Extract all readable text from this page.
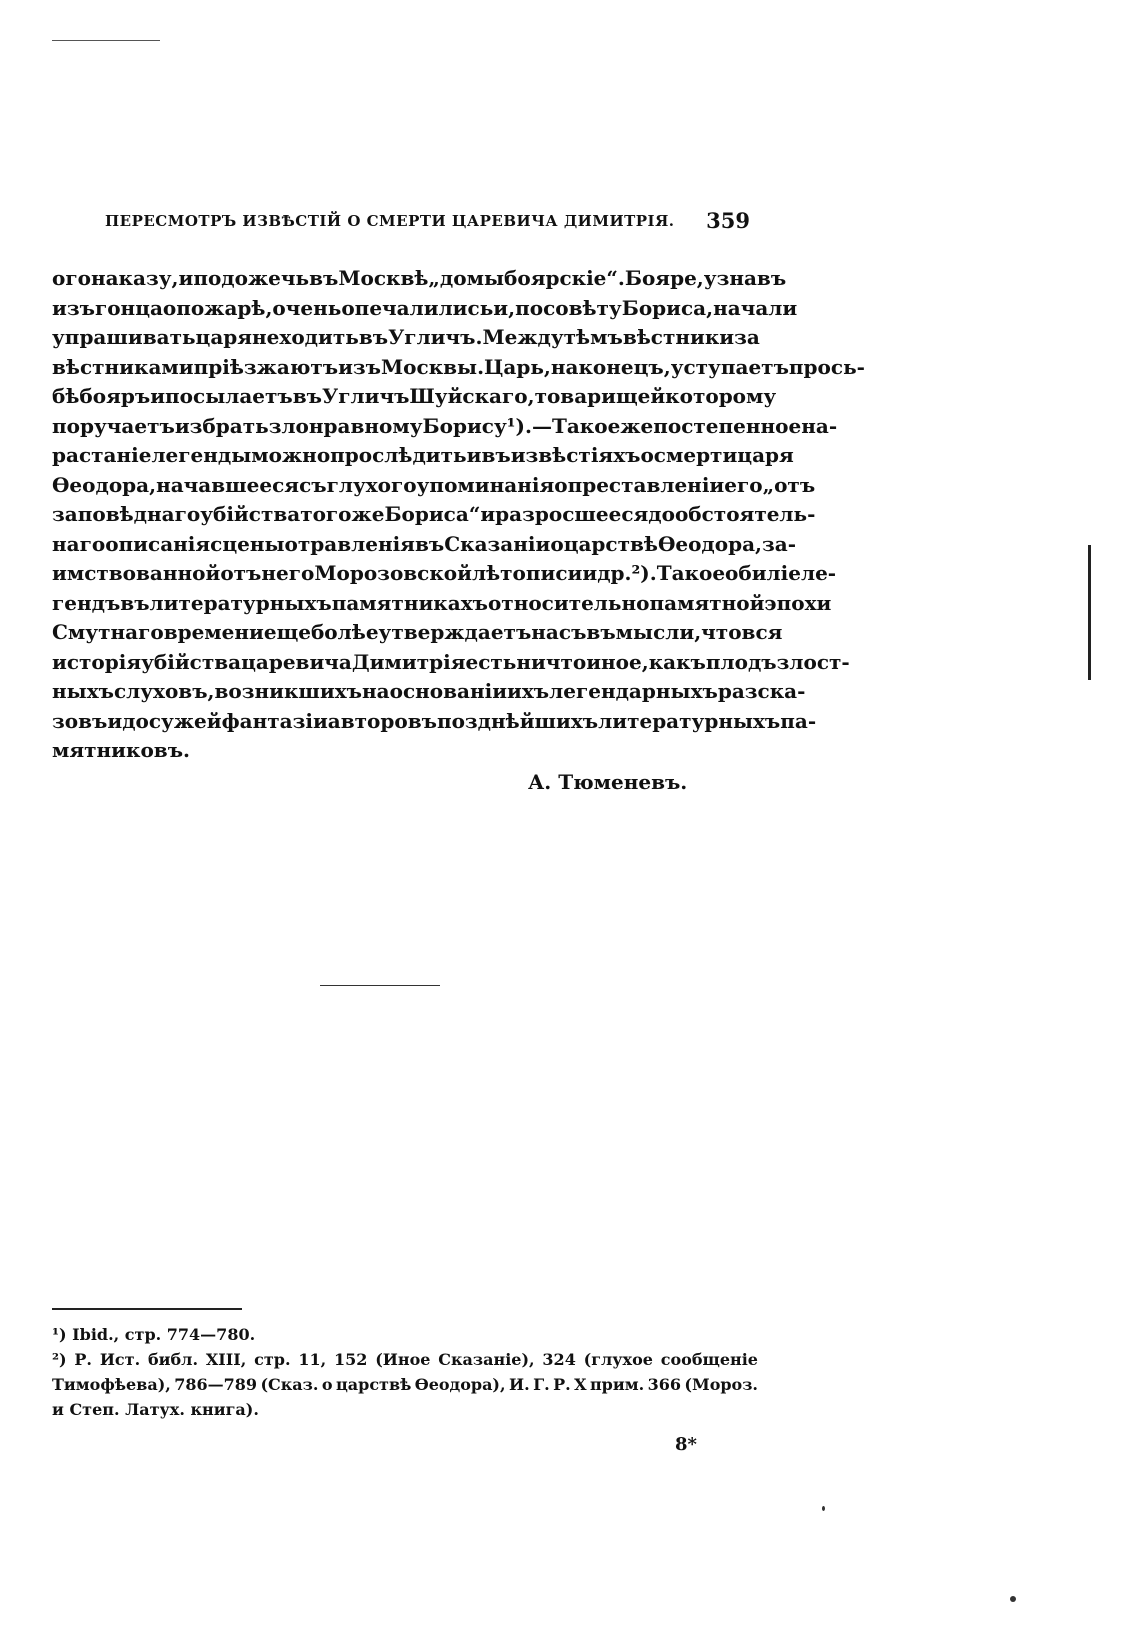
ПЕРЕСМОТРЪ ИЗВѢСТІЙ О СМЕРТИ ЦАРЕВИЧА ДИМИТРІЯ. 359
ого наказу, и подожечь въ Москвѣ „домы боярскіе“. Бояре, узнавъ
изъ гонца о пожарѣ, очень опечалились и, по совѣту Бориса, начали
упрашивать царя не ходить въ Угличъ. Между тѣмъ вѣстники за
вѣстниками пріѣзжаютъ изъ Москвы. Царь, наконецъ, уступаетъ прось-
бѣ бояръ и посылаетъ въ Угличъ Шуйскаго, товарищей которому
поручаетъ избрать злонравному Борису ¹).—Такое же постепенное на-
растаніе легенды можно прослѣдить и въ извѣстіяхъ о смерти царя
Ѳеодора, начавшееся съ глухого упоминанія о преставленіи его „отъ
заповѣднаго убійства того же Бориса“ и разросшееся до обстоятель-
наго описанія сцены отравленія въ Сказаніи о царствѣ Ѳеодора, за-
имствованной отъ него Морозовской лѣтописи и др. ²). Такое обиліе ле-
гендъ въ литературныхъ памятникахъ относительно памятной эпохи
Смутнаго времени еще болѣе утверждаетъ насъ въ мысли, что вся
исторія убійства царевича Димитрія есть ничто иное, какъ плодъ злост-
ныхъ слуховъ, возникшихъ на основаніи ихъ легендарныхъ разска-
зовъ и досужей фантазіи авторовъ позднѣйшихъ литературныхъ па-
мятниковъ.
А. Тюменевъ.
¹) Ibid., стр. 774—780.
²) Р. Ист. библ. XIII, стр. 11, 152 (Иное Сказаніе), 324 (глухое сообщеніе
Тимофѣева), 786—789 (Сказ. о царствѣ Ѳеодора), И. Г. Р. X прим. 366 (Мороз.
и Степ. Латух. книга).
8*
